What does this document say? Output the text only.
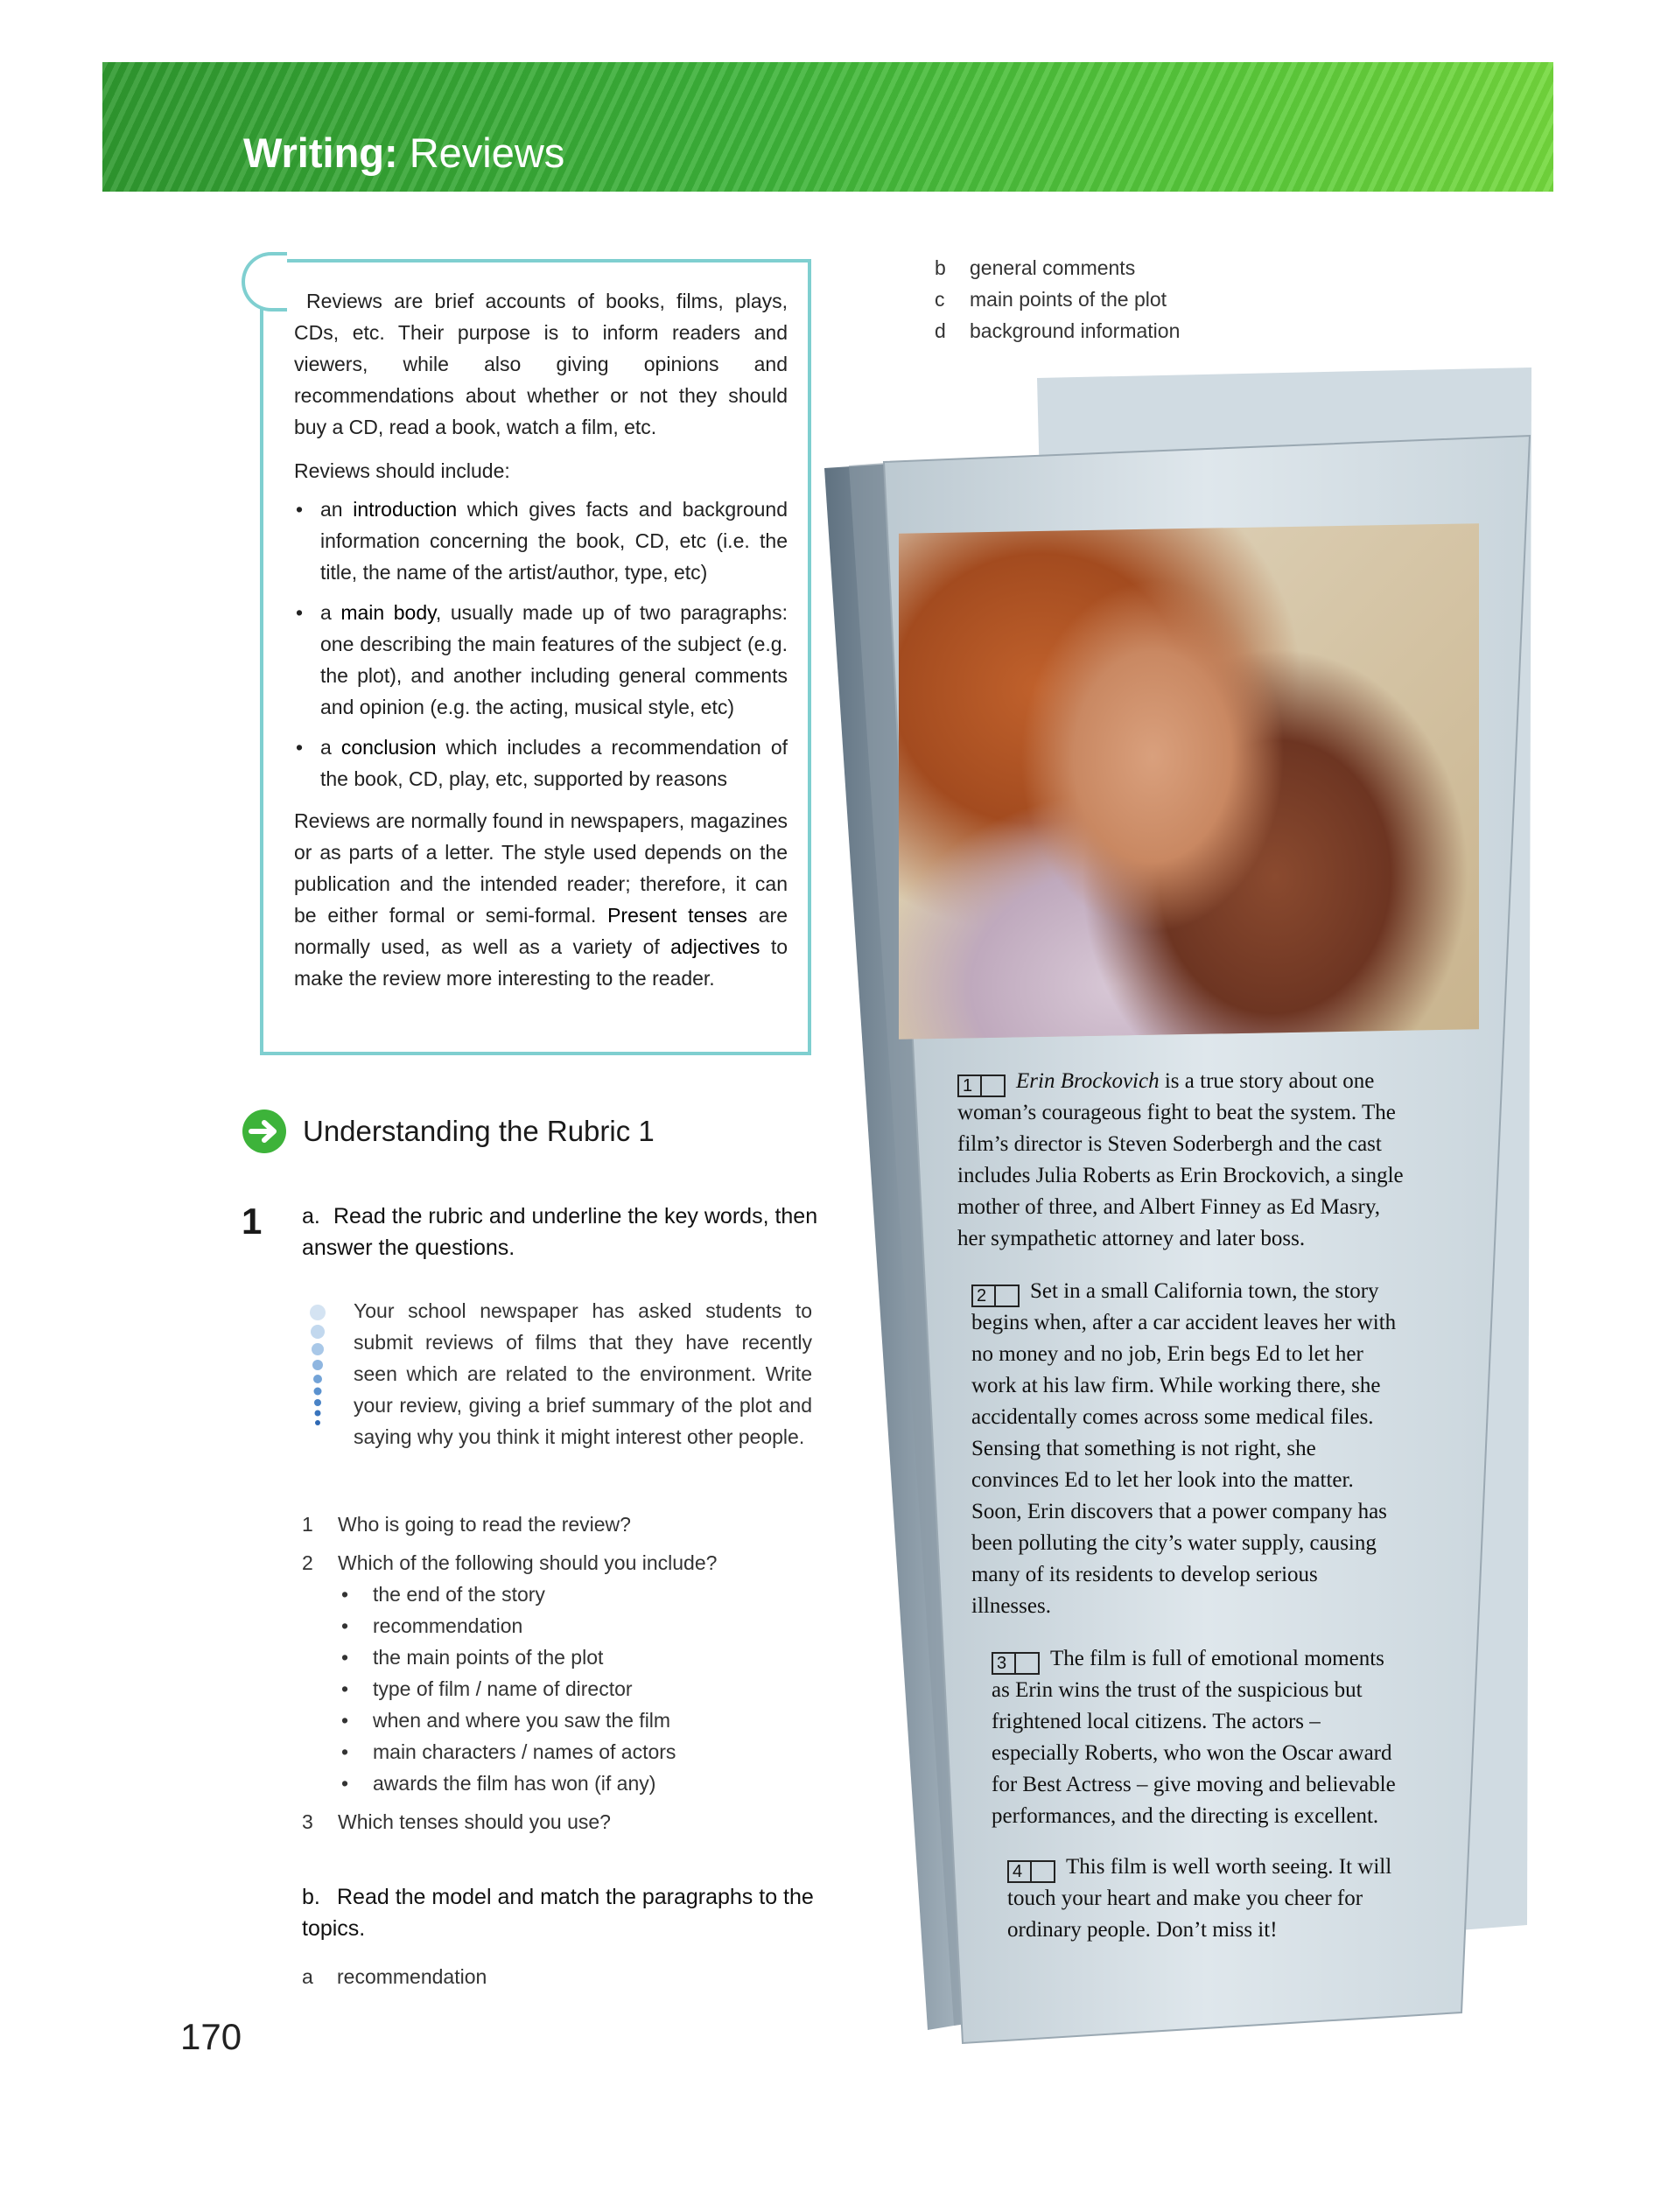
Writing: Reviews

Reviews are brief accounts of books, films, plays, CDs, etc. Their purpose is to inform readers and viewers, while also giving opinions and recommendations about whether or not they should buy a CD, read a book, watch a film, etc.

Reviews should include:

• an introduction which gives facts and background information concerning the book, CD, etc (i.e. the title, the name of the artist/author, type, etc)
• a main body, usually made up of two paragraphs: one describing the main features of the subject (e.g. the plot), and another including general comments and opinion (e.g. the acting, musical style, etc)
• a conclusion which includes a recommendation of the book, CD, play, etc, supported by reasons

Reviews are normally found in newspapers, magazines or as parts of a letter. The style used depends on the publication and the intended reader; therefore, it can be either formal or semi-formal. Present tenses are normally used, as well as a variety of adjectives to make the review more interesting to the reader.

Understanding the Rubric 1
1 a. Read the rubric and underline the key words, then answer the questions.
Your school newspaper has asked students to submit reviews of films that they have recently seen which are related to the environment. Write your review, giving a brief summary of the plot and saying why you think it might interest other people.
1 Who is going to read the review?
2 Which of the following should you include?
• the end of the story
• recommendation
• the main points of the plot
• type of film / name of director
• when and where you saw the film
• main characters / names of actors
• awards the film has won (if any)
3 Which tenses should you use?
b. Read the model and match the paragraphs to the topics.
a recommendation
b general comments
c main points of the plot
d background information
1 Erin Brockovich is a true story about one
woman’s courageous fight to beat the system. The
film’s director is Steven Soderbergh and the cast
includes Julia Roberts as Erin Brockovich, a single
mother of three, and Albert Finney as Ed Masry,
her sympathetic attorney and later boss.
2 Set in a small California town, the story
begins when, after a car accident leaves her with
no money and no job, Erin begs Ed to let her
work at his law firm. While working there, she
accidentally comes across some medical files.
Sensing that something is not right, she
convinces Ed to let her look into the matter.
Soon, Erin discovers that a power company has
been polluting the city’s water supply, causing
many of its residents to develop serious
illnesses.
3 The film is full of emotional moments
as Erin wins the trust of the suspicious but
frightened local citizens. The actors –
especially Roberts, who won the Oscar award
for Best Actress – give moving and believable
performances, and the directing is excellent.
4 This film is well worth seeing. It will
touch your heart and make you cheer for
ordinary people. Don’t miss it!
170
